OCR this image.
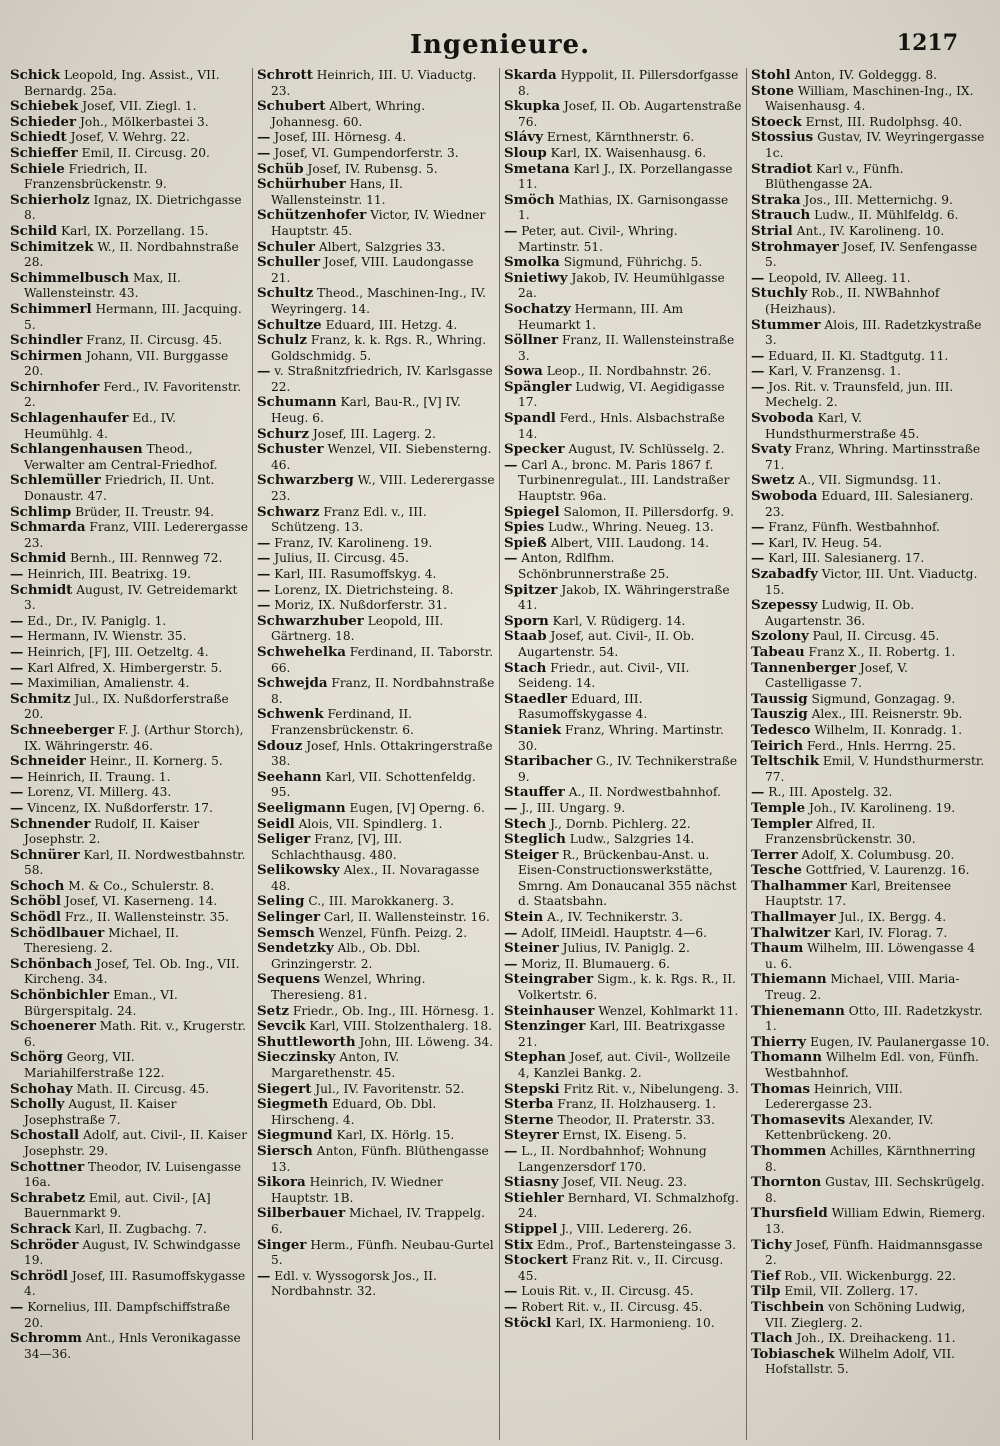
Ingenieure.	1217

Schick Leopold, Ing. Assist., VII. Bernardg. 25a.

Schiebek Josef, VII. Ziegl. 1.

Schieder Joh., Mölkerbastei 3.

Schiedt Josef, V. Wehrg. 22.

Schieffer Emil, II. Circusg. 20.

Schiele Friedrich, II. Franzensbrückenstr. 9.

Schierholz Ignaz, IX. Dietrichgasse 8.

Schild Karl, IX. Porzellang. 15.

Schimitzek W., II. Nordbahnstraße 28.

Schimmelbusch Max, II. Wallensteinstr. 43.

Schimmerl Hermann, III. Jacquing. 5.

Schindler Franz, II. Circusg. 45.

Schirmen Johann, VII. Burggasse 20.

Schirnhofer Ferd., IV. Favoritenstr. 2.

Schlagenhaufer Ed., IV. Heumühlg. 4.

Schlangenhausen Theod., Verwalter am Central-Friedhof.

Schlemüller Friedrich, II. Unt. Donaustr. 47.

Schlimp Brüder, II. Treustr. 94.

Schmarda Franz, VIII. Lederergasse 23.

Schmid Bernh., III. Rennweg 72.

— Heinrich, III. Beatrixg. 19.

Schmidt August, IV. Getreidemarkt 3.

— Ed., Dr., IV. Paniglg. 1.

— Hermann, IV. Wienstr. 35.

— Heinrich, [F], III. Oetzeltg. 4.

— Karl Alfred, X. Himbergerstr. 5.

— Maximilian, Amalienstr. 4.

Schmitz Jul., IX. Nußdorferstraße 20.

Schneeberger F. J. (Arthur Storch), IX. Währingerstr. 46.

Schneider Heinr., II. Kornerg. 5.

— Heinrich, II. Traung. 1.

— Lorenz, VI. Millerg. 43.

— Vincenz, IX. Nußdorferstr. 17.

Schnender Rudolf, II. Kaiser Josephstr. 2.

Schnürer Karl, II. Nordwestbahnstr. 58.

Schoch M. & Co., Schulerstr. 8.

Schöbl Josef, VI. Kaserneng. 14.

Schödl Frz., II. Wallensteinstr. 35.

Schödlbauer Michael, II. Theresieng. 2.

Schönbach Josef, Tel. Ob. Ing., VII. Kircheng. 34.

Schönbichler Eman., VI. Bürgerspitalg. 24.

Schoenerer Math. Rit. v., Krugerstr. 6.

Schörg Georg, VII. Mariahilferstraße 122.

Schohay Math. II. Circusg. 45.

Scholly August, II. Kaiser Josephstraße 7.

Schostall Adolf, aut. Civil-, II. Kaiser Josephstr. 29.

Schottner Theodor, IV. Luisengasse 16a.

Schrabetz Emil, aut. Civil-, [A] Bauernmarkt 9.

Schrack Karl, II. Zugbachg. 7.

Schröder August, IV. Schwindgasse 19.

Schrödl Josef, III. Rasumoffskygasse 4.

— Kornelius, III. Dampfschiffstraße 20.

Schromm Ant., Hnls Veronikagasse 34—36.

Schrott Heinrich, III. U. Viaductg. 23.

Schubert Albert, Whring. Johannesg. 60.

— Josef, III. Hörnesg. 4.

— Josef, VI. Gumpendorferstr. 3.

Schüb Josef, IV. Rubensg. 5.

Schürhuber Hans, II. Wallensteinstr. 11.

Schützenhofer Victor, IV. Wiedner Hauptstr. 45.

Schuler Albert, Salzgries 33.

Schuller Josef, VIII. Laudongasse 21.

Schultz Theod., Maschinen-Ing., IV. Weyringerg. 14.

Schultze Eduard, III. Hetzg. 4.

Schulz Franz, k. k. Rgs. R., Whring. Goldschmidg. 5.

— v. Straßnitzfriedrich, IV. Karlsgasse 22.

Schumann Karl, Bau-R., [V] IV. Heug. 6.

Schurz Josef, III. Lagerg. 2.

Schuster Wenzel, VII. Siebensterng. 46.

Schwarzberg W., VIII. Lederergasse 23.

Schwarz Franz Edl. v., III. Schützeng. 13.

— Franz, IV. Karolineng. 19.

— Julius, II. Circusg. 45.

— Karl, III. Rasumoffskyg. 4.

— Lorenz, IX. Dietrichsteing. 8.

— Moriz, IX. Nußdorferstr. 31.

Schwarzhuber Leopold, III. Gärtnerg. 18.

Schwehelka Ferdinand, II. Taborstr. 66.

Schwejda Franz, II. Nordbahnstraße 8.

Schwenk Ferdinand, II. Franzensbrückenstr. 6.

Sdouz Josef, Hnls. Ottakringerstraße 38.

Seehann Karl, VII. Schottenfeldg. 95.

Seeligmann Eugen, [V] Operng. 6.

Seidl Alois, VII. Spindlerg. 1.

Seliger Franz, [V], III. Schlachthausg. 480.

Selikowsky Alex., II. Novaragasse 48.

Seling C., III. Marokkanerg. 3.

Selinger Carl, II. Wallensteinstr. 16.

Semsch Wenzel, Fünfh. Peizg. 2.

Sendetzky Alb., Ob. Dbl. Grinzingerstr. 2.

Sequens Wenzel, Whring. Theresieng. 81.

Setz Friedr., Ob. Ing., III. Hörnesg. 1.

Sevcik Karl, VIII. Stolzenthalerg. 18.

Shuttleworth John, III. Löweng. 34.

Sieczinsky Anton, IV. Margarethenstr. 45.

Siegert Jul., IV. Favoritenstr. 52.

Siegmeth Eduard, Ob. Dbl. Hirscheng. 4.

Siegmund Karl, IX. Hörlg. 15.

Siersch Anton, Fünfh. Blüthengasse 13.

Sikora Heinrich, IV. Wiedner Hauptstr. 1B.

Silberbauer Michael, IV. Trappelg. 6.

Singer Herm., Fünfh. Neubau-Gurtel 5.

— Edl. v. Wyssogorsk Jos., II. Nordbahnstr. 32.

Skarda Hyppolit, II. Pillersdorfgasse 8.

Skupka Josef, II. Ob. Augartenstraße 76.

Slávy Ernest, Kärnthnerstr. 6.

Sloup Karl, IX. Waisenhausg. 6.

Smetana Karl J., IX. Porzellangasse 11.

Smöch Mathias, IX. Garnisongasse 1.

— Peter, aut. Civil-, Whring. Martinstr. 51.

Smolka Sigmund, Führichg. 5.

Snietiwy Jakob, IV. Heumühlgasse 2a.

Sochatzy Hermann, III. Am Heumarkt 1.

Söllner Franz, II. Wallensteinstraße 3.

Sowa Leop., II. Nordbahnstr. 26.

Spängler Ludwig, VI. Aegidigasse 17.

Spandl Ferd., Hnls. Alsbachstraße 14.

Specker August, IV. Schlüsselg. 2.

— Carl A., bronc. M. Paris 1867 f. Turbinenregulat., III. Landstraßer Hauptstr. 96a.

Spiegel Salomon, II. Pillersdorfg. 9.

Spies Ludw., Whring. Neueg. 13.

Spieß Albert, VIII. Laudong. 14.

— Anton, Rdlfhm. Schönbrunnerstraße 25.

Spitzer Jakob, IX. Währingerstraße 41.

Sporn Karl, V. Rüdigerg. 14.

Staab Josef, aut. Civil-, II. Ob. Augartenstr. 54.

Stach Friedr., aut. Civil-, VII. Seideng. 14.

Staedler Eduard, III. Rasumoffskygasse 4.

Staniek Franz, Whring. Martinstr. 30.

Staribacher G., IV. Technikerstraße 9.

Stauffer A., II. Nordwestbahnhof.

— J., III. Ungarg. 9.

Stech J., Dornb. Pichlerg. 22.

Steglich Ludw., Salzgries 14.

Steiger R., Brückenbau-Anst. u. Eisen-Constructionswerkstätte, Smrng. Am Donaucanal 355 nächst d. Staatsbahn.

Stein A., IV. Technikerstr. 3.

— Adolf, IIMeidl. Hauptstr. 4—6.

Steiner Julius, IV. Paniglg. 2.

— Moriz, II. Blumauerg. 6.

Steingraber Sigm., k. k. Rgs. R., II. Volkertstr. 6.

Steinhauser Wenzel, Kohlmarkt 11.

Stenzinger Karl, III. Beatrixgasse 21.

Stephan Josef, aut. Civil-, Wollzeile 4, Kanzlei Bankg. 2.

Stepski Fritz Rit. v., Nibelungeng. 3.

Sterba Franz, II. Holzhauserg. 1.

Sterne Theodor, II. Praterstr. 33.

Steyrer Ernst, IX. Eiseng. 5.

— L., II. Nordbahnhof; Wohnung Langenzersdorf 170.

Stiasny Josef, VII. Neug. 23.

Stiehler Bernhard, VI. Schmalzhofg. 24.

Stippel J., VIII. Ledererg. 26.

Stix Edm., Prof., Bartensteingasse 3.

Stockert Franz Rit. v., II. Circusg. 45.

— Louis Rit. v., II. Circusg. 45.

— Robert Rit. v., II. Circusg. 45.

Stöckl Karl, IX. Harmonieng. 10.

Stohl Anton, IV. Goldeggg. 8.

Stone William, Maschinen-Ing., IX. Waisenhausg. 4.

Stoeck Ernst, III. Rudolphsg. 40.

Stossius Gustav, IV. Weyringergasse 1c.

Stradiot Karl v., Fünfh. Blüthengasse 2A.

Straka Jos., III. Metternichg. 9.

Strauch Ludw., II. Mühlfeldg. 6.

Strial Ant., IV. Karolineng. 10.

Strohmayer Josef, IV. Senfengasse 5.

— Leopold, IV. Alleeg. 11.

Stuchly Rob., II. NWBahnhof (Heizhaus).

Stummer Alois, III. Radetzkystraße 3.

— Eduard, II. Kl. Stadtgutg. 11.

— Karl, V. Franzensg. 1.

— Jos. Rit. v. Traunsfeld, jun. III. Mechelg. 2.

Svoboda Karl, V. Hundsthurmerstraße 45.

Svaty Franz, Whring. Martinsstraße 71.

Swetz A., VII. Sigmundsg. 11.

Swoboda Eduard, III. Salesianerg. 23.

— Franz, Fünfh. Westbahnhof.

— Karl, IV. Heug. 54.

— Karl, III. Salesianerg. 17.

Szabadfy Victor, III. Unt. Viaductg. 15.

Szepessy Ludwig, II. Ob. Augartenstr. 36.

Szolony Paul, II. Circusg. 45.

Tabeau Franz X., II. Robertg. 1.

Tannenberger Josef, V. Castelligasse 7.

Taussig Sigmund, Gonzagag. 9.

Tauszig Alex., III. Reisnerstr. 9b.

Tedesco Wilhelm, II. Konradg. 1.

Teirich Ferd., Hnls. Herrng. 25.

Teltschik Emil, V. Hundsthurmerstr. 77.

— R., III. Apostelg. 32.

Temple Joh., IV. Karolineng. 19.

Templer Alfred, II. Franzensbrückenstr. 30.

Terrer Adolf, X. Columbusg. 20.

Tesche Gottfried, V. Laurenzg. 16.

Thalhammer Karl, Breitensee Hauptstr. 17.

Thallmayer Jul., IX. Bergg. 4.

Thalwitzer Karl, IV. Florag. 7.

Thaum Wilhelm, III. Löwengasse 4 u. 6.

Thiemann Michael, VIII. Maria-Treug. 2.

Thienemann Otto, III. Radetzkystr. 1.

Thierry Eugen, IV. Paulanergasse 10.

Thomann Wilhelm Edl. von, Fünfh. Westbahnhof.

Thomas Heinrich, VIII. Lederergasse 23.

Thomasevits Alexander, IV. Kettenbrückeng. 20.

Thommen Achilles, Kärnthnerring 8.

Thornton Gustav, III. Sechskrügelg. 8.

Thursfield William Edwin, Riemerg. 13.

Tichy Josef, Fünfh. Haidmannsgasse 2.

Tief Rob., VII. Wickenburgg. 22.

Tilp Emil, VII. Zollerg. 17.

Tischbein von Schöning Ludwig, VII. Zieglerg. 2.

Tlach Joh., IX. Dreihackeng. 11.

Tobiaschek Wilhelm Adolf, VII. Hofstallstr. 5.
